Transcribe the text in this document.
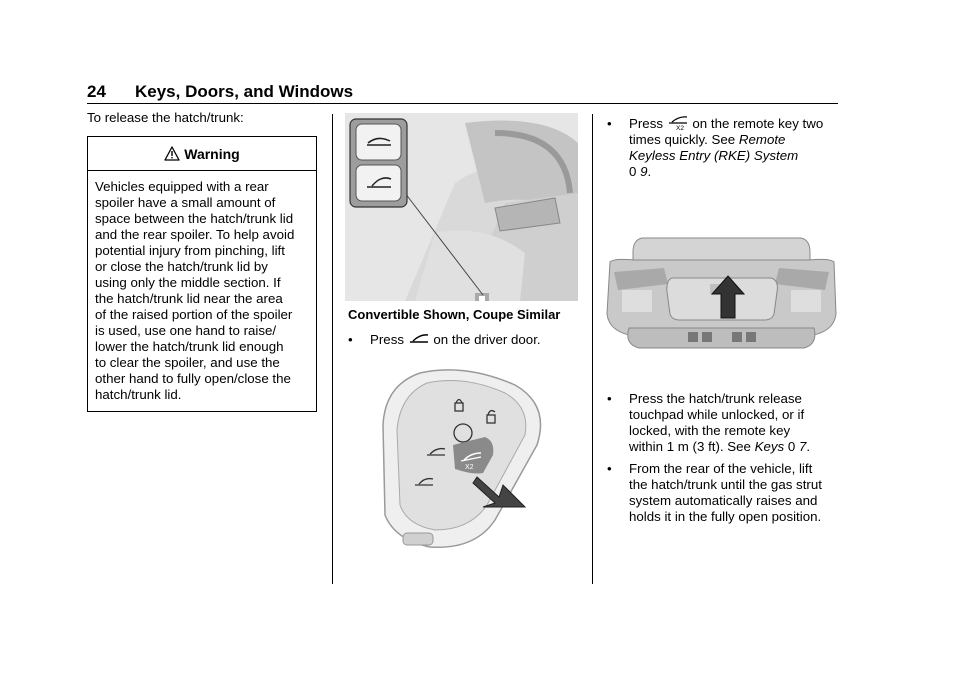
24 Keys, Doors, and Windows
To release the hatch/trunk:
Warning
Vehicles equipped with a rear
spoiler have a small amount of
space between the hatch/trunk lid
and the rear spoiler. To help avoid
potential injury from pinching, lift
or close the hatch/trunk lid by
using only the middle section. If
the hatch/trunk lid near the area
of the raised portion of the spoiler
is used, use one hand to raise/
lower the hatch/trunk lid enough
to clear the spoiler, and use the
other hand to fully open/close the
hatch/trunk lid.
Convertible Shown, Coupe Similar
• Press on the driver door.
X2
• Press X2 on the remote key two
times quickly. See Remote
Keyless Entry (RKE) System
0 9.
• Press the hatch/trunk release
touchpad while unlocked, or if
locked, with the remote key
within 1 m (3 ft). See Keys 0 7.
• From the rear of the vehicle, lift
the hatch/trunk until the gas strut
system automatically raises and
holds it in the fully open position.
